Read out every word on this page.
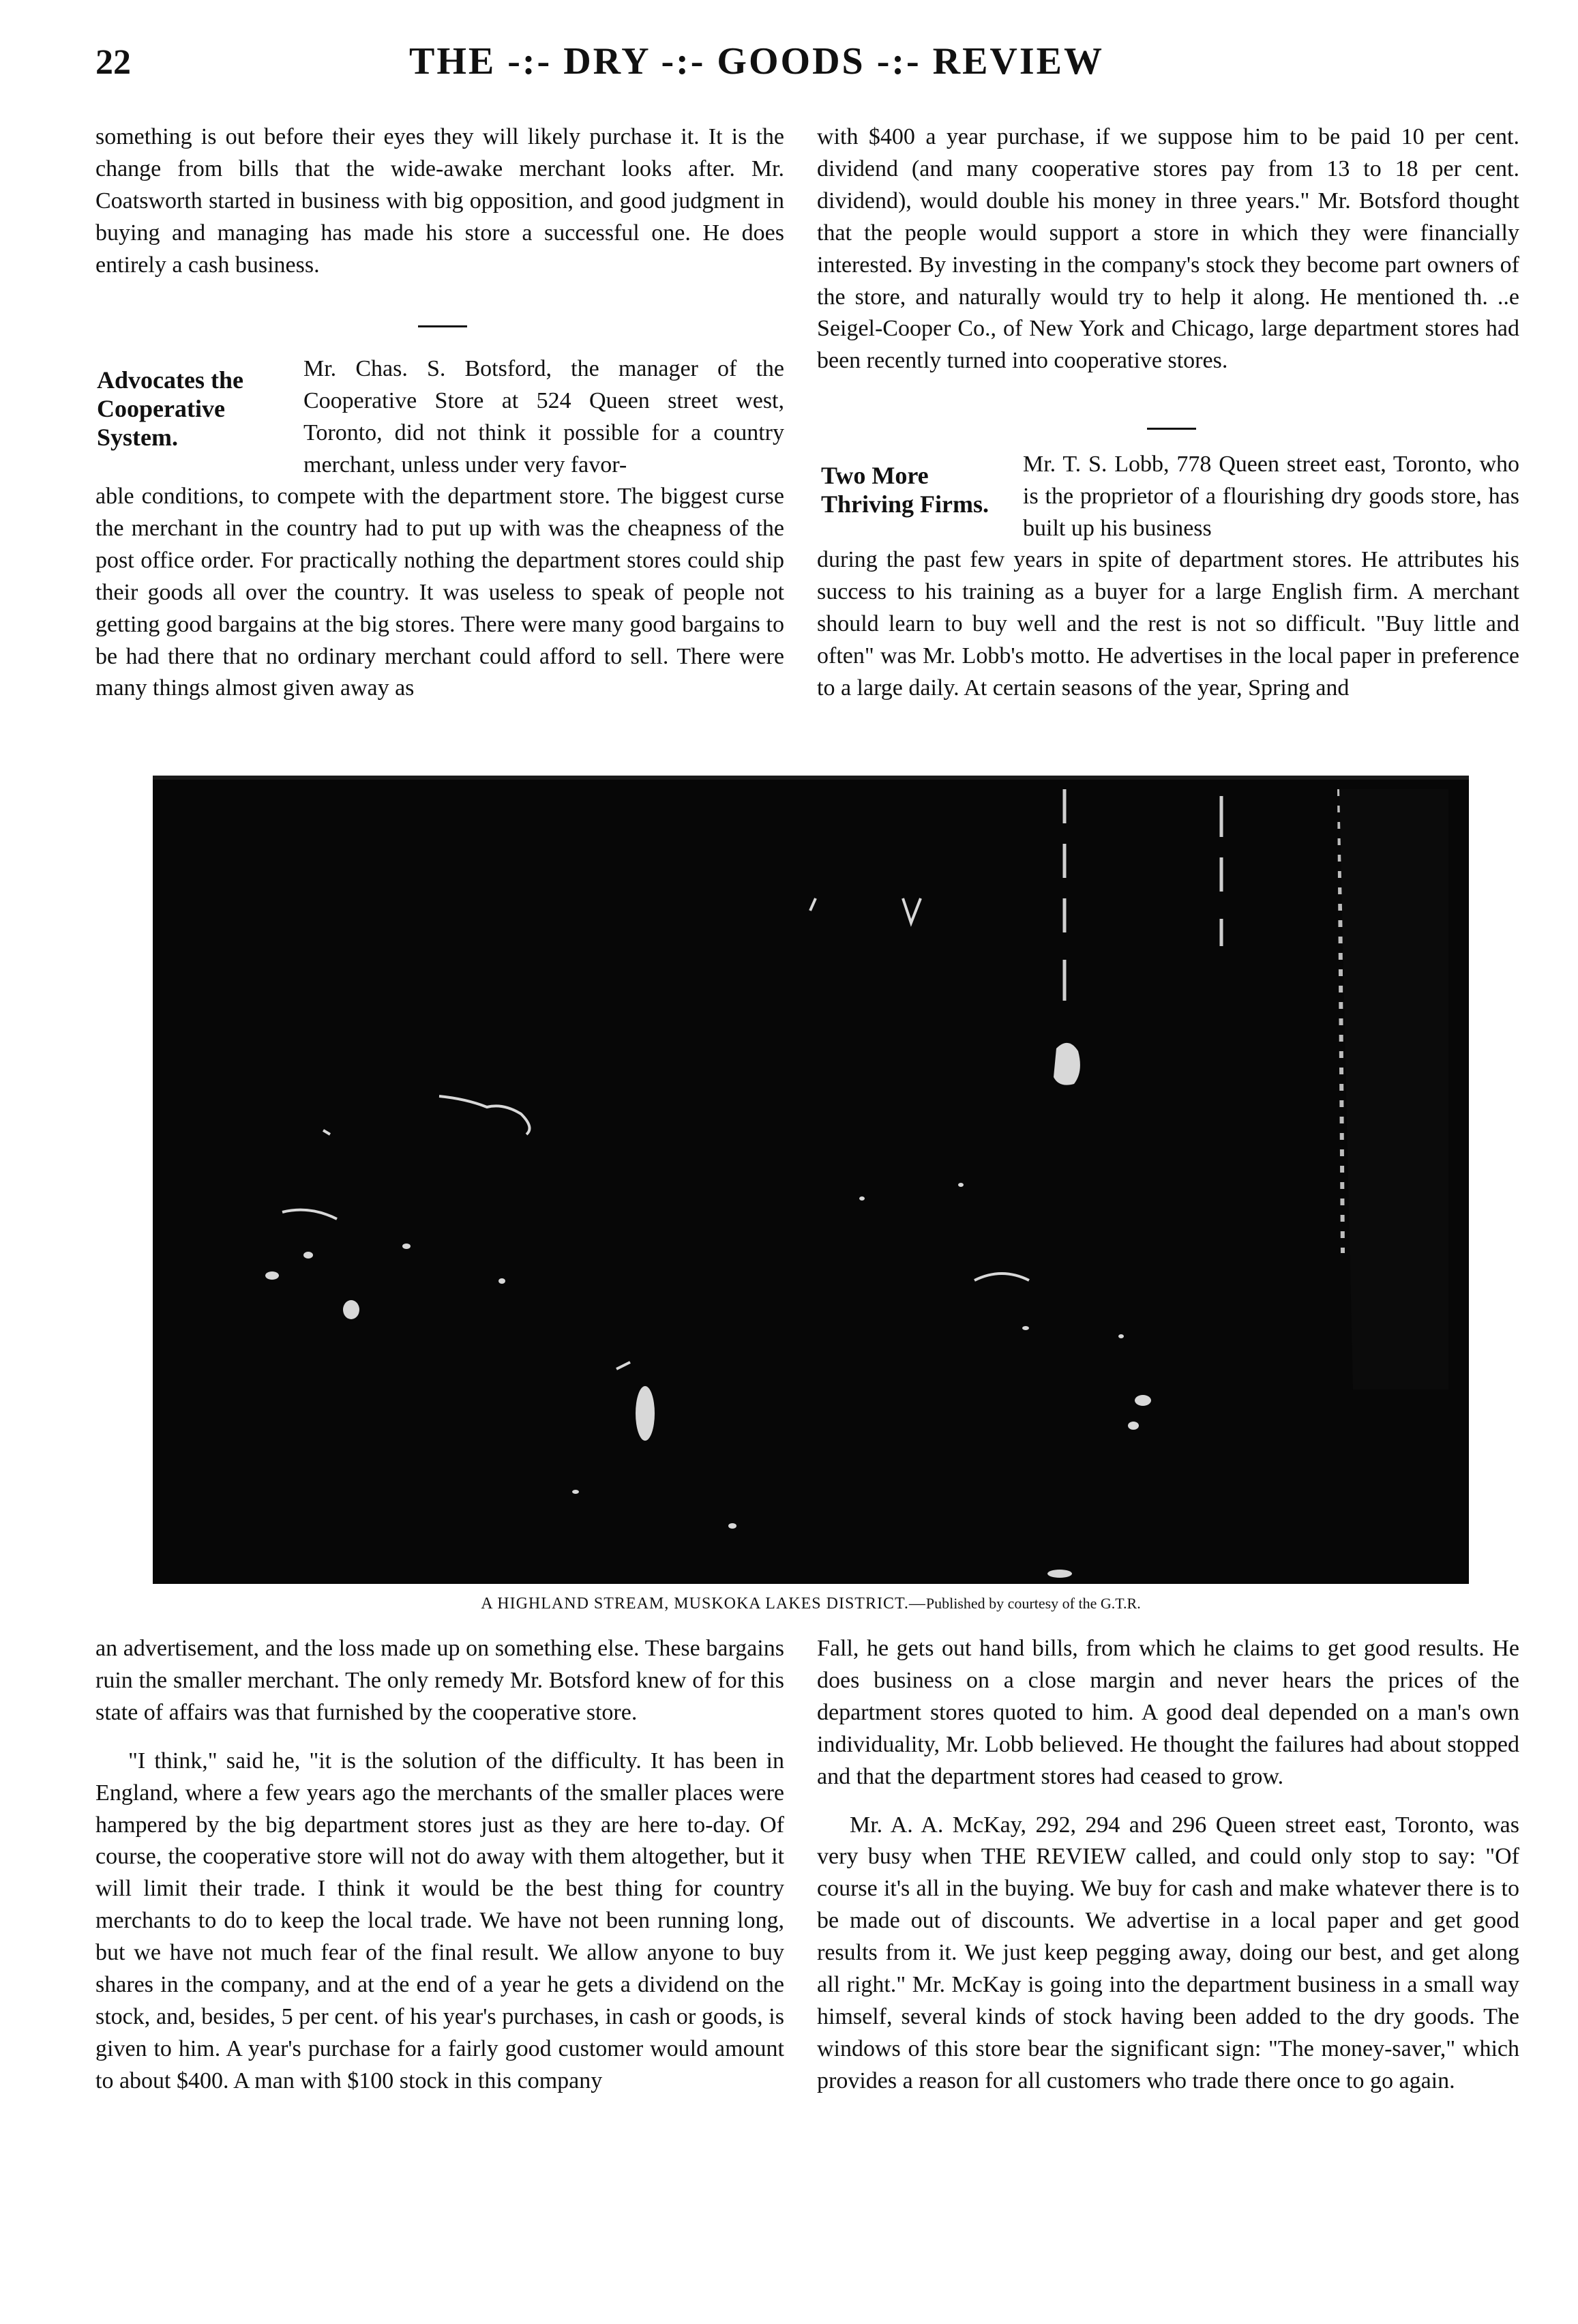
22	THE -:- DRY -:- GOODS -:- REVIEW

something is out before their eyes they will likely purchase it. It is the change from bills that the wide-awake merchant looks after. Mr. Coatsworth started in business with big opposition, and good judgment in buying and managing has made his store a successful one. He does entirely a cash business.

Advocates the Cooperative System.

Mr. Chas. S. Botsford, the manager of the Cooperative Store at 524 Queen street west, Toronto, did not think it possible for a country merchant, unless under very favor-

able conditions, to compete with the department store. The biggest curse the merchant in the country had to put up with was the cheapness of the post office order. For practically nothing the department stores could ship their goods all over the country. It was useless to speak of people not getting good bargains at the big stores. There were many good bargains to be had there that no ordinary merchant could afford to sell. There were many things almost given away as

with $400 a year purchase, if we suppose him to be paid 10 per cent. dividend (and many cooperative stores pay from 13 to 18 per cent. dividend), would double his money in three years." Mr. Botsford thought that the people would support a store in which they were financially interested. By investing in the company's stock they become part owners of the store, and naturally would try to help it along. He mentioned th. ..e Seigel-Cooper Co., of New York and Chicago, large department stores had been recently turned into cooperative stores.

Two More Thriving Firms.

Mr. T. S. Lobb, 778 Queen street east, Toronto, who is the proprietor of a flourishing dry goods store, has built up his business

during the past few years in spite of department stores. He attributes his success to his training as a buyer for a large English firm. A merchant should learn to buy well and the rest is not so difficult. "Buy little and often" was Mr. Lobb's motto. He advertises in the local paper in preference to a large daily. At certain seasons of the year, Spring and

A HIGHLAND STREAM, MUSKOKA LAKES DISTRICT.—Published by courtesy of the G.T.R.

an advertisement, and the loss made up on something else. These bargains ruin the smaller merchant. The only remedy Mr. Botsford knew of for this state of affairs was that furnished by the cooperative store.

"I think," said he, "it is the solution of the difficulty. It has been in England, where a few years ago the merchants of the smaller places were hampered by the big department stores just as they are here to-day. Of course, the cooperative store will not do away with them altogether, but it will limit their trade. I think it would be the best thing for country merchants to do to keep the local trade. We have not been running long, but we have not much fear of the final result. We allow anyone to buy shares in the company, and at the end of a year he gets a dividend on the stock, and, besides, 5 per cent. of his year's purchases, in cash or goods, is given to him. A year's purchase for a fairly good customer would amount to about $400. A man with $100 stock in this company

Fall, he gets out hand bills, from which he claims to get good results. He does business on a close margin and never hears the prices of the department stores quoted to him. A good deal depended on a man's own individuality, Mr. Lobb believed. He thought the failures had about stopped and that the department stores had ceased to grow.

Mr. A. A. McKay, 292, 294 and 296 Queen street east, Toronto, was very busy when THE REVIEW called, and could only stop to say: "Of course it's all in the buying. We buy for cash and make whatever there is to be made out of discounts. We advertise in a local paper and get good results from it. We just keep pegging away, doing our best, and get along all right." Mr. McKay is going into the department business in a small way himself, several kinds of stock having been added to the dry goods. The windows of this store bear the significant sign: "The money-saver," which provides a reason for all customers who trade there once to go again.
